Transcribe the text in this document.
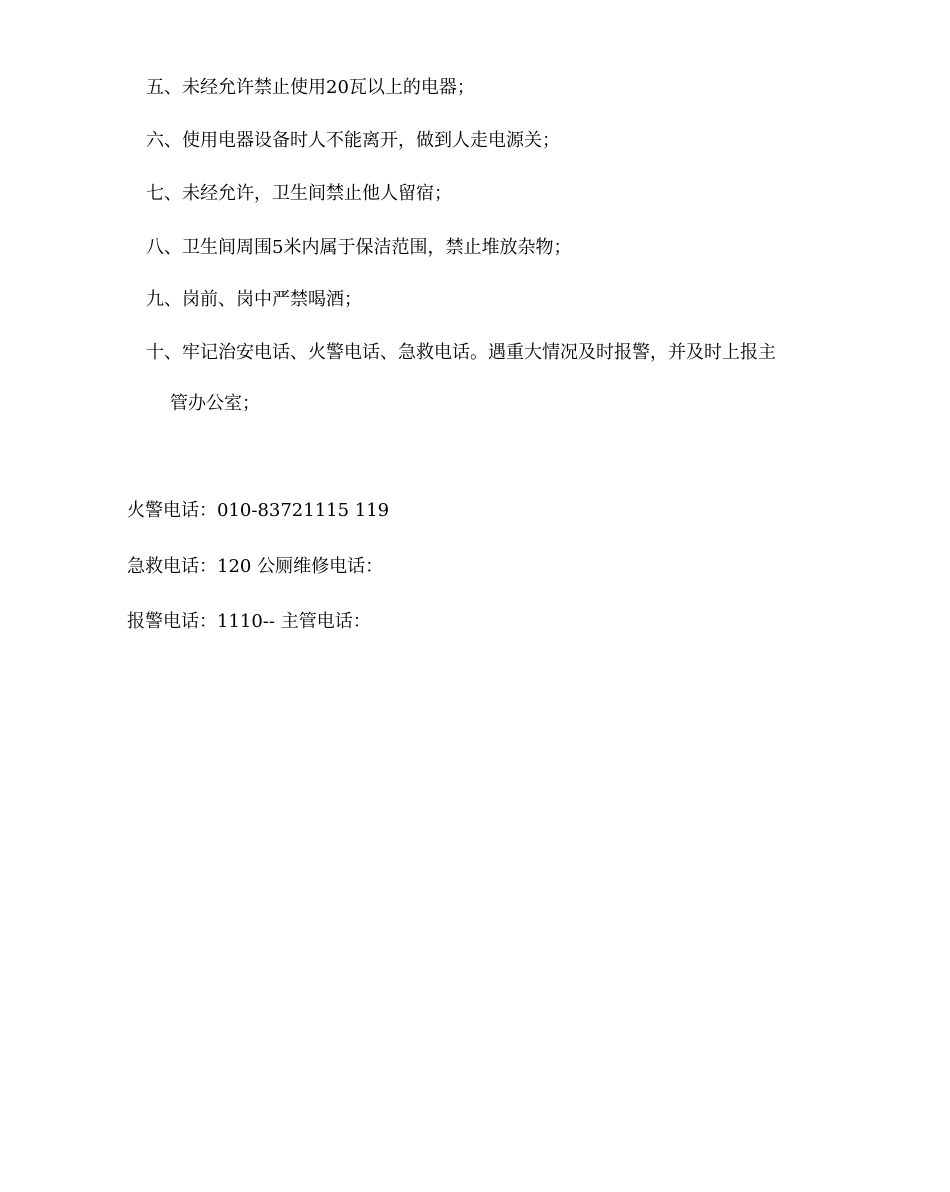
五、未经允许禁止使用20瓦以上的电器；
六、使用电器设备时人不能离开，做到人走电源关；
七、未经允许，卫生间禁止他人留宿；
八、卫生间周围5米内属于保洁范围，禁止堆放杂物；
九、岗前、岗中严禁喝酒；
十、牢记治安电话、火警电话、急救电话。遇重大情况及时报警，并及时上报主
管办公室；
火警电话：010-83721115 119
急救电话：120 公厕维修电话：
报警电话：1110-- 主管电话：
